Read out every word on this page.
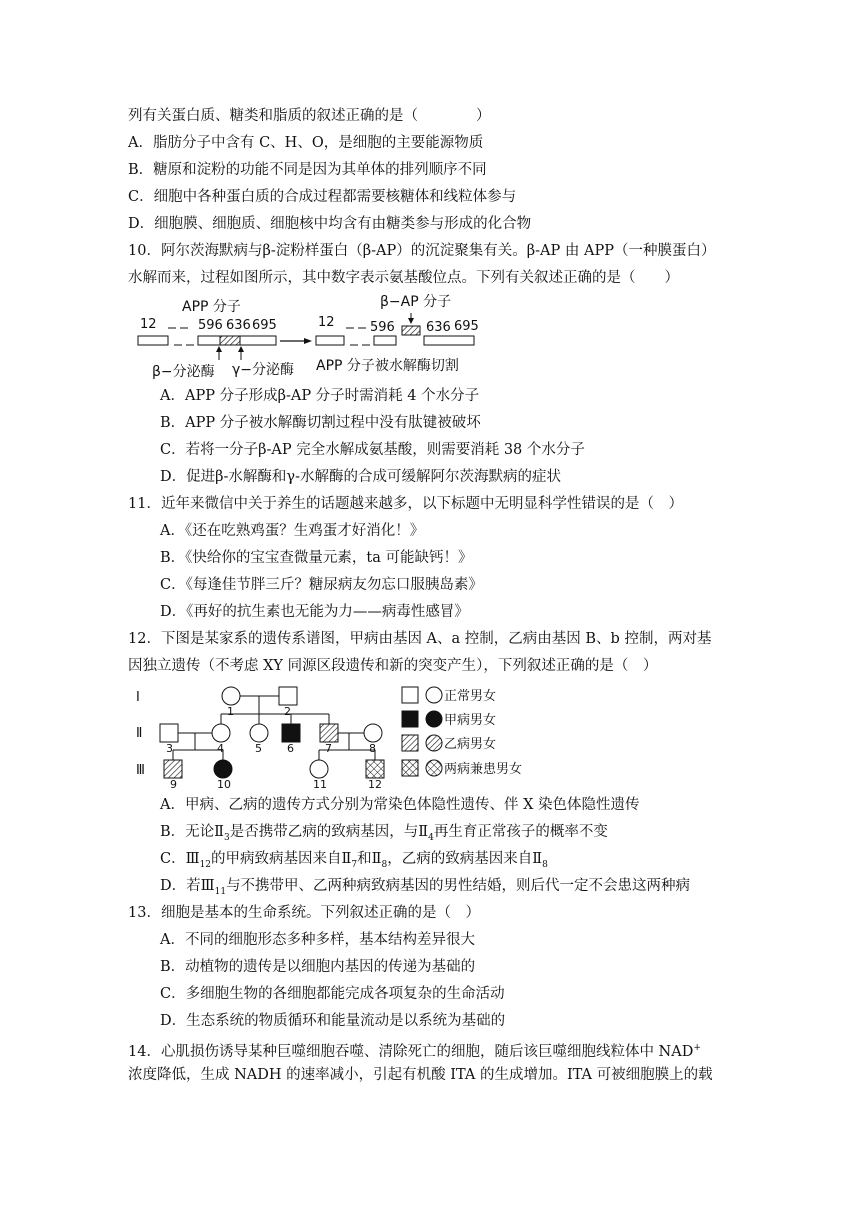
列有关蛋白质、糖类和脂质的叙述正确的是（　　　　）
A．脂肪分子中含有 C、H、O，是细胞的主要能源物质
B．糖原和淀粉的功能不同是因为其单体的排列顺序不同
C．细胞中各种蛋白质的合成过程都需要核糖体和线粒体参与
D．细胞膜、细胞质、细胞核中均含有由糖类参与形成的化合物
10．阿尔茨海默病与β-淀粉样蛋白（β-AP）的沉淀聚集有关。β-AP 由 APP（一种膜蛋白）
水解而来，过程如图所示，其中数字表示氨基酸位点。下列有关叙述正确的是（　　）
APP 分子	β−AP 分子
12	596 636 695
β−分泌酶 γ−分泌酶
12	596 636 695
APP 分子被水解酶切割
A．APP 分子形成β-AP 分子时需消耗 4 个水分子
B．APP 分子被水解酶切割过程中没有肽键被破坏
C．若将一分子β-AP 完全水解成氨基酸，则需要消耗 38 个水分子
D．促进β-水解酶和γ-水解酶的合成可缓解阿尔茨海默病的症状
11．近年来微信中关于养生的话题越来越多，以下标题中无明显科学性错误的是（　）
A．《还在吃熟鸡蛋？生鸡蛋才好消化！》
B．《快给你的宝宝查微量元素，ta 可能缺钙！》
C．《每逢佳节胖三斤？糖尿病友勿忘口服胰岛素》
D．《再好的抗生素也无能为力——病毒性感冒》
12．下图是某家系的遗传系谱图，甲病由基因 A、a 控制，乙病由基因 B、b 控制，两对基
因独立遗传（不考虑 XY 同源区段遗传和新的突变产生），下列叙述正确的是（　）
Ⅰ
Ⅱ
Ⅲ
1	2
3	4	5 6	7	8
9	10	11	12
正常男女
甲病男女
乙病男女
两病兼患男女
A．甲病、乙病的遗传方式分别为常染色体隐性遗传、伴 X 染色体隐性遗传
B．无论$Ⅱ_3$是否携带乙病的致病基因，与$Ⅱ_4$再生育正常孩子的概率不变
C．$Ⅲ_{12}$的甲病致病基因来自$Ⅱ_7$和$Ⅱ_8$，乙病的致病基因来自$Ⅱ_8$
D．若$Ⅲ_{11}$与不携带甲、乙两种病致病基因的男性结婚，则后代一定不会患这两种病
13．细胞是基本的生命系统。下列叙述正确的是（　）
A．不同的细胞形态多种多样，基本结构差异很大
B．动植物的遗传是以细胞内基因的传递为基础的
C．多细胞生物的各细胞都能完成各项复杂的生命活动
D．生态系统的物质循环和能量流动是以系统为基础的
14．心肌损伤诱导某种巨噬细胞吞噬、清除死亡的细胞，随后该巨噬细胞线粒体中 NAD+
浓度降低，生成 NADH 的速率减小，引起有机酸 ITA 的生成增加。ITA 可被细胞膜上的载
